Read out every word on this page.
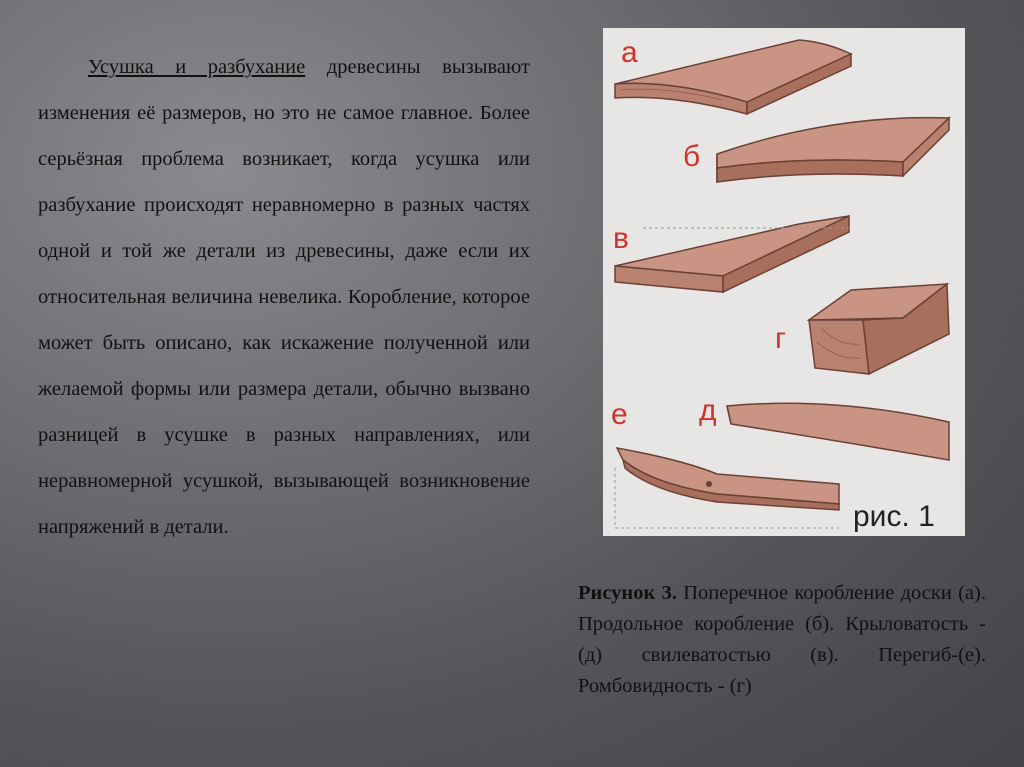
Усушка и разбухание древесины вызывают изменения её размеров, но это не самое главное. Более серьёзная проблема возникает, когда усушка или разбухание происходят неравномерно в разных частях одной и той же детали из древесины, даже если их относительная величина невелика. Коробление, которое может быть описано, как искажение полученной или желаемой формы или размера детали, обычно вызвано разницей в усушке в разных направлениях, или неравномерной усушкой, вызывающей возникновение напряжений в детали.
а
б
в
г
д
е
рис. 1
Рисунок 3. Поперечное коробление доски (а). Продольное коробление (б). Крыловатость - (д) свилеватостью (в). Перегиб-(е). Ромбовидность - (г)
